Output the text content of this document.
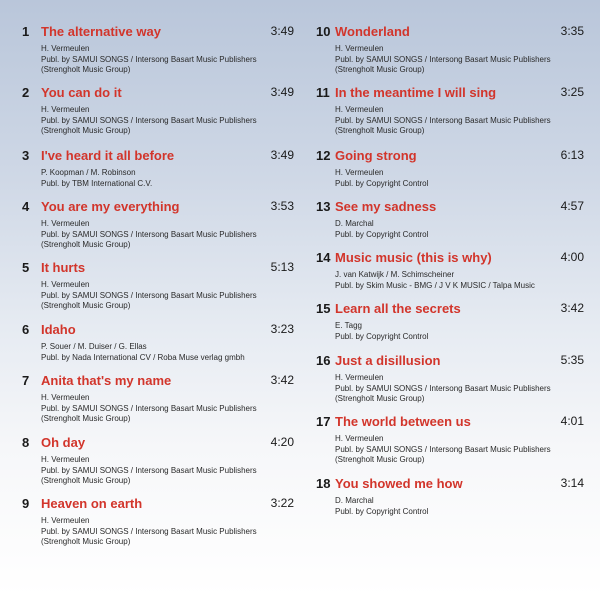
1 The alternative way	3:49
H. Vermeulen
Publ. by SAMUI SONGS / Intersong Basart Music Publishers
(Strengholt Music Group)
2 You can do it	3:49
H. Vermeulen
Publ. by SAMUI SONGS / Intersong Basart Music Publishers
(Strengholt Music Group)
3 I've heard it all before	3:49
P. Koopman / M. Robinson
Publ. by TBM International C.V.
4 You are my everything	3:53
H. Vermeulen
Publ. by SAMUI SONGS / Intersong Basart Music Publishers
(Strengholt Music Group)
5 It hurts	5:13
H. Vermeulen
Publ. by SAMUI SONGS / Intersong Basart Music Publishers
(Strengholt Music Group)
6 Idaho	3:23
P. Souer / M. Duiser / G. Ellas
Publ. by Nada International CV / Roba Muse verlag gmbh
7 Anita that's my name	3:42
H. Vermeulen
Publ. by SAMUI SONGS / Intersong Basart Music Publishers
(Strengholt Music Group)
8 Oh day	4:20
H. Vermeulen
Publ. by SAMUI SONGS / Intersong Basart Music Publishers
(Strengholt Music Group)
9 Heaven on earth	3:22
H. Vermeulen
Publ. by SAMUI SONGS / Intersong Basart Music Publishers
(Strengholt Music Group)
10 Wonderland	3:35
H. Vermeulen
Publ. by SAMUI SONGS / Intersong Basart Music Publishers
(Strengholt Music Group)
11 In the meantime I will sing	3:25
H. Vermeulen
Publ. by SAMUI SONGS / Intersong Basart Music Publishers
(Strengholt Music Group)
12 Going strong	6:13
H. Vermeulen
Publ. by Copyright Control
13 See my sadness	4:57
D. Marchal
Publ. by Copyright Control
14 Music music (this is why)	4:00
J. van Katwijk / M. Schimscheiner
Publ. by Skim Music - BMG / J V K MUSIC / Talpa Music
15 Learn all the secrets	3:42
E. Tagg
Publ. by Copyright Control
16 Just a disillusion	5:35
H. Vermeulen
Publ. by SAMUI SONGS / Intersong Basart Music Publishers
(Strengholt Music Group)
17 The world between us	4:01
H. Vermeulen
Publ. by SAMUI SONGS / Intersong Basart Music Publishers
(Strengholt Music Group)
18 You showed me how	3:14
D. Marchal
Publ. by Copyright Control
